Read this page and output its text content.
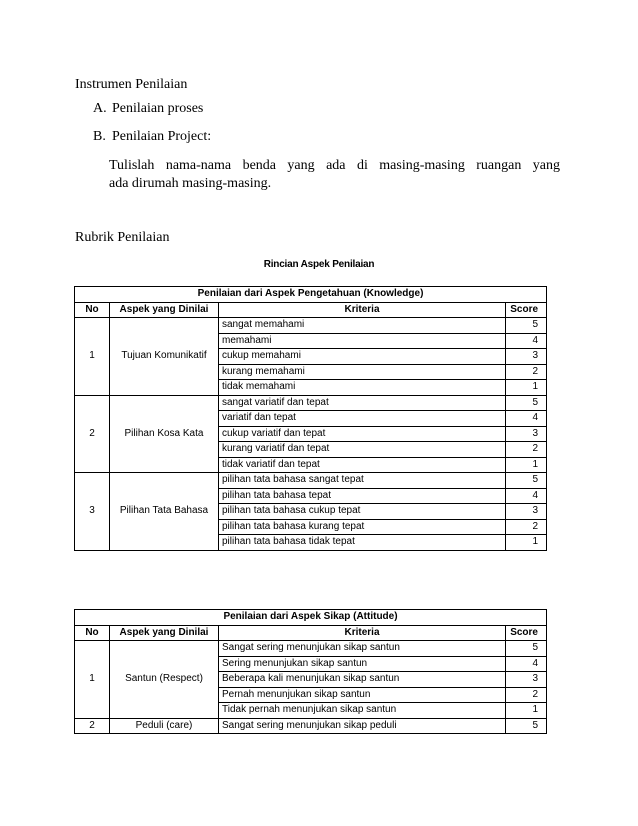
Instrumen Penilaian
A. Penilaian proses
B. Penilaian Project:
Tulislah nama-nama benda yang ada di masing-masing ruangan yang
ada dirumah masing-masing.
Rubrik Penilaian
Rincian Aspek Penilaian
Penilaian dari Aspek Pengetahuan (Knowledge)			
No	Aspek yang Dinilai	Kriteria	Score
1	Tujuan Komunikatif	sangat memahami	5
		memahami	4
		cukup memahami	3
		kurang memahami	2
		tidak memahami	1
2	Pilihan Kosa Kata	sangat variatif dan tepat	5
		variatif dan tepat	4
		cukup variatif dan tepat	3
		kurang variatif dan tepat	2
		tidak variatif dan tepat	1
3	Pilihan Tata Bahasa	pilihan tata bahasa sangat tepat	5
		pilihan tata bahasa tepat	4
		pilihan tata bahasa cukup tepat	3
		pilihan tata bahasa kurang tepat	2
		pilihan tata bahasa tidak tepat	1
Penilaian dari Aspek Sikap (Attitude)			
No	Aspek yang Dinilai	Kriteria	Score
1	Santun (Respect)	Sangat sering menunjukan sikap santun	5
		Sering menunjukan sikap santun	4
		Beberapa kali menunjukan sikap santun	3
		Pernah menunjukan sikap santun	2
		Tidak pernah menunjukan sikap santun	1
2	Peduli (care)	Sangat sering menunjukan sikap peduli	5
